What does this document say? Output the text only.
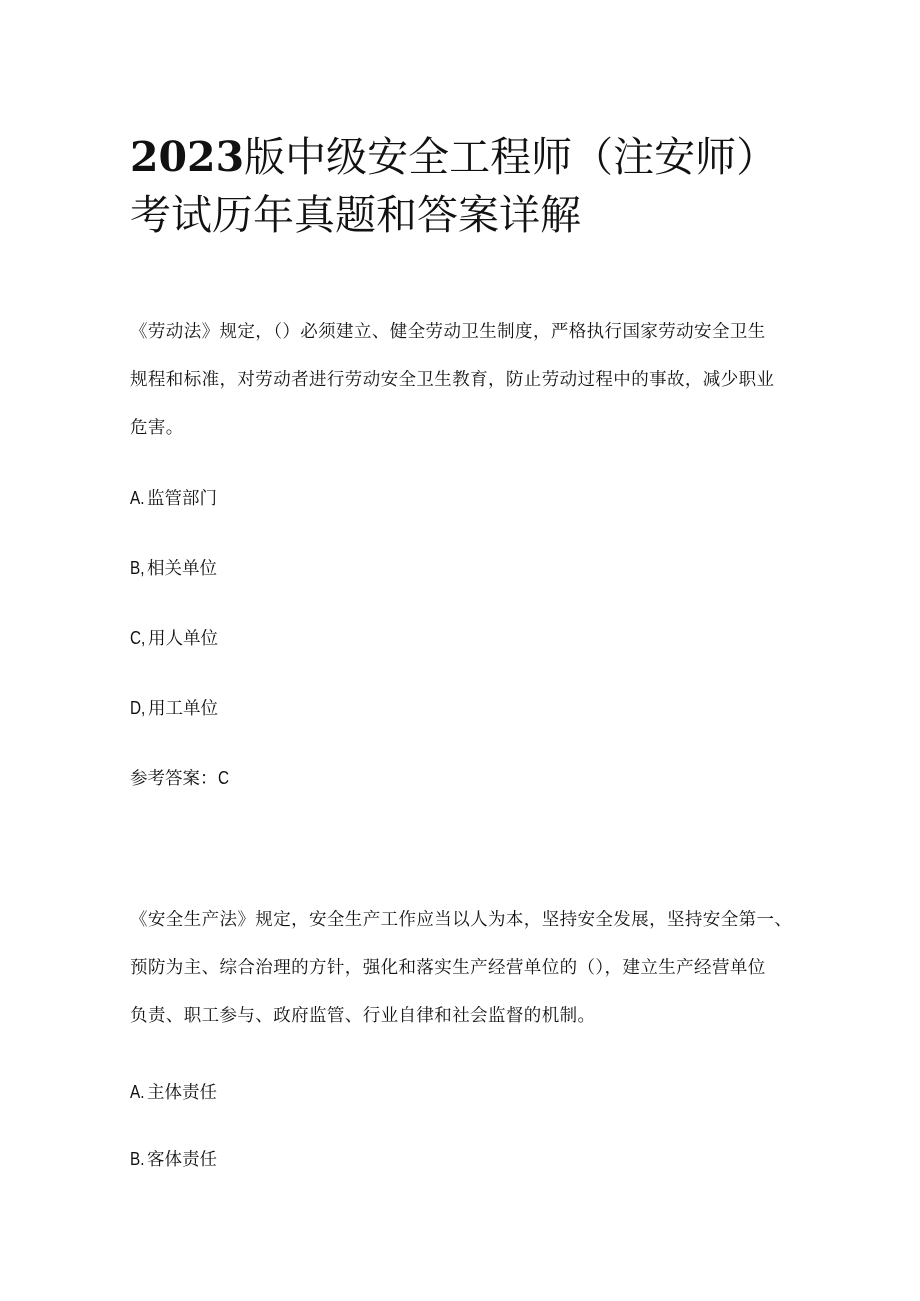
2023版中级安全工程师（注安师）
考试历年真题和答案详解

《劳动法》规定，（）必须建立、健全劳动卫生制度，严格执行国家劳动安全卫生
规程和标准，对劳动者进行劳动安全卫生教育，防止劳动过程中的事故，减少职业
危害。

A. 监管部门

B, 相关单位

C, 用人单位

D, 用工单位

参考答案：C

《安全生产法》规定，安全生产工作应当以人为本，坚持安全发展，坚持安全第一、
预防为主、综合治理的方针，强化和落实生产经营单位的（），建立生产经营单位
负责、职工参与、政府监管、行业自律和社会监督的机制。

A. 主体责任

B. 客体责任
